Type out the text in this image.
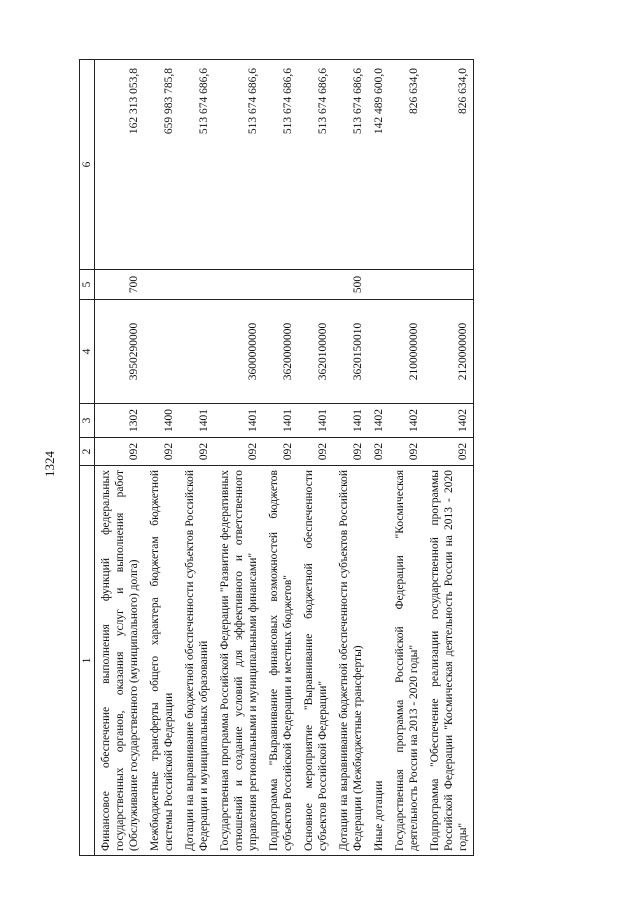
1324
1	2	3	4	5	6
Финансовое обеспечение выполнения функций федеральных государственных органов, оказания услуг и выполнения работ (Обслуживание государственного (муниципального) долга)	092	1302	3950290000	700	162 313 053,8
Межбюджетные трансферты общего характера бюджетам бюджетной системы Российской Федерации	092	1400			659 983 785,8
Дотации на выравнивание бюджетной обеспеченности субъектов Российской Федерации и муниципальных образований	092	1401			513 674 686,6
Государственная программа Российской Федерации "Развитие федеративных отношений и создание условий для эффективного и ответственного управления региональными и муниципальными финансами"	092	1401	3600000000		513 674 686,6
Подпрограмма "Выравнивание финансовых возможностей бюджетов субъектов Российской Федерации и местных бюджетов"	092	1401	3620000000		513 674 686,6
Основное мероприятие "Выравнивание бюджетной обеспеченности субъектов Российской Федерации"	092	1401	3620100000		513 674 686,6
Дотации на выравнивание бюджетной обеспеченности субъектов Российской Федерации (Межбюджетные трансферты)	092	1401	3620150010	500	513 674 686,6
Иные дотации	092	1402			142 489 600,0
Государственная программа Российской Федерации "Космическая деятельность России на 2013 - 2020 годы"	092	1402	2100000000		826 634,0
Подпрограмма "Обеспечение реализации государственной программы Российской Федерации "Космическая деятельность России на 2013 - 2020 годы"	092	1402	2120000000		826 634,0
